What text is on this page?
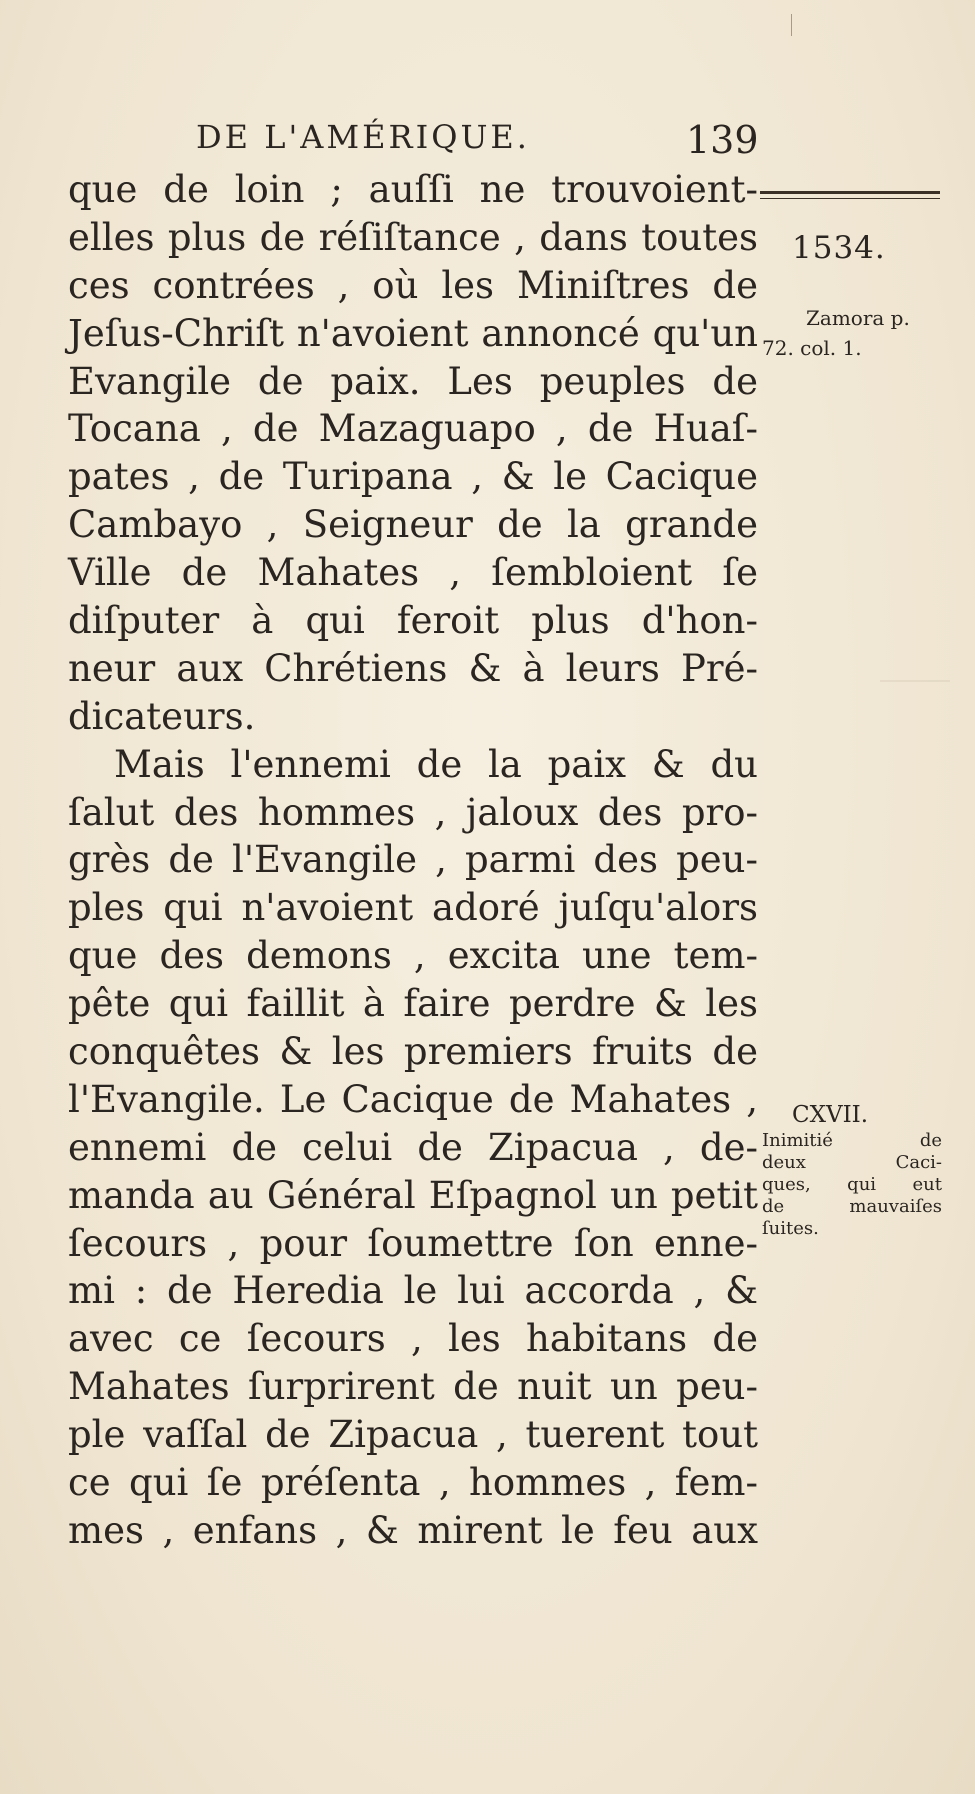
DE L'AMÉRIQUE.	139
que de loin ; auſſi ne trouvoient-
elles plus de réſiſtance , dans toutes
ces contrées , où les Miniſtres de
Jeſus-Chriſt n'avoient annoncé qu'un
Evangile de paix. Les peuples de
Tocana , de Mazaguapo , de Huaſ-
pates , de Turipana , & le Cacique
Cambayo , Seigneur de la grande
Ville de Mahates , ſembloient ſe
diſputer à qui feroit plus d'hon-
neur aux Chrétiens & à leurs Pré-
dicateurs.
Mais l'ennemi de la paix & du
ſalut des hommes , jaloux des pro-
grès de l'Evangile , parmi des peu-
ples qui n'avoient adoré juſqu'alors
que des demons , excita une tem-
pête qui faillit à faire perdre & les
conquêtes & les premiers fruits de
l'Evangile. Le Cacique de Mahates ,
ennemi de celui de Zipacua , de-
manda au Général Eſpagnol un petit
ſecours , pour ſoumettre ſon enne-
mi : de Heredia le lui accorda , &
avec ce ſecours , les habitans de
Mahates ſurprirent de nuit un peu-
ple vaſſal de Zipacua , tuerent tout
ce qui ſe préſenta , hommes , fem-
mes , enfans , & mirent le feu aux
1534.
Zamora p.
72. col. 1.
CXVII.
Inimitié de
deux Caci-
ques, qui eut
de mauvaiſes
ſuites.
